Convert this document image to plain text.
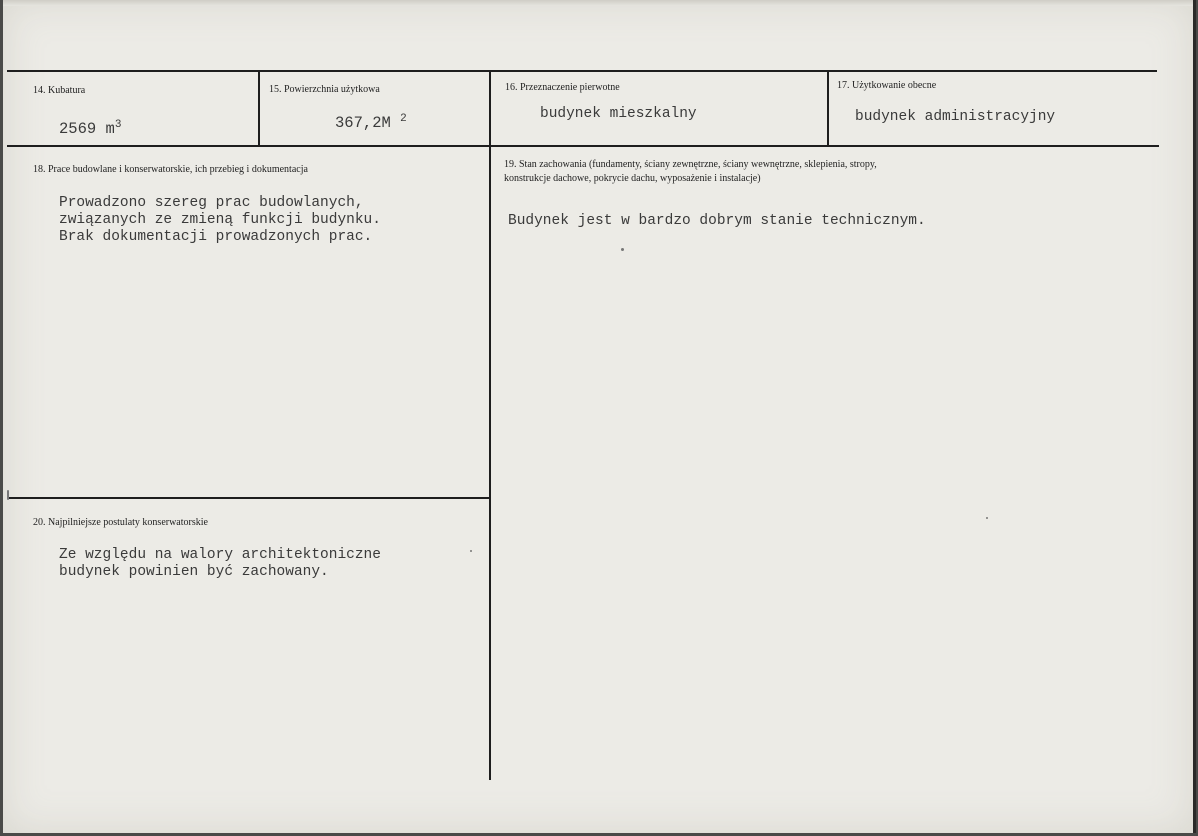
14. Kubatura
2569 $m^3$
15. Powierzchnia użytkowa
367,2M $^2$
16. Przeznaczenie pierwotne
budynek mieszkalny
17. Użytkowanie obecne
budynek administracyjny
18. Prace budowlane i konserwatorskie, ich przebieg i dokumentacja
Prowadzono szereg prac budowlanych,
związanych ze zmieną funkcji budynku.
Brak dokumentacji prowadzonych prac.
19. Stan zachowania (fundamenty, ściany zewnętrzne, ściany wewnętrzne, sklepienia, stropy,
konstrukcje dachowe, pokrycie dachu, wyposażenie i instalacje)
Budynek jest w bardzo dobrym stanie technicznym.
20. Najpilniejsze postulaty konserwatorskie
Ze względu na walory architektoniczne
budynek powinien być zachowany.
